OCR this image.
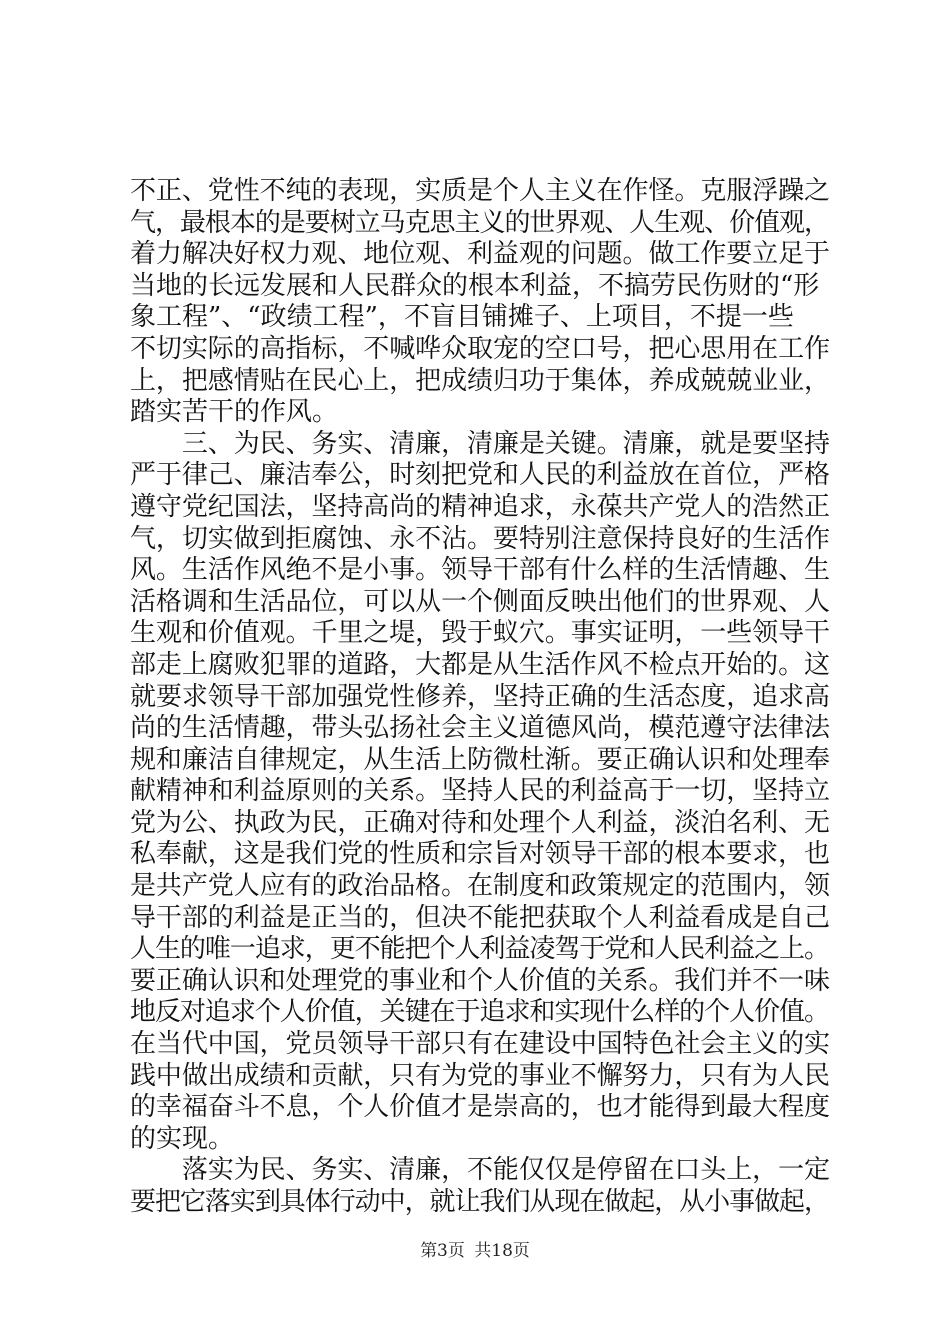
不正、党性不纯的表现，实质是个人主义在作怪。克服浮躁之
气，最根本的是要树立马克思主义的世界观、人生观、价值观，
着力解决好权力观、地位观、利益观的问题。做工作要立足于
当地的长远发展和人民群众的根本利益，不搞劳民伤财的“形
象工程”、“政绩工程”，不盲目铺摊子、上项目，不提一些
不切实际的高指标，不喊哗众取宠的空口号，把心思用在工作
上，把感情贴在民心上，把成绩归功于集体，养成兢兢业业，
踏实苦干的作风。
　　三、为民、务实、清廉，清廉是关键。清廉，就是要坚持
严于律己、廉洁奉公，时刻把党和人民的利益放在首位，严格
遵守党纪国法，坚持高尚的精神追求，永葆共产党人的浩然正
气，切实做到拒腐蚀、永不沾。要特别注意保持良好的生活作
风。生活作风绝不是小事。领导干部有什么样的生活情趣、生
活格调和生活品位，可以从一个侧面反映出他们的世界观、人
生观和价值观。千里之堤，毁于蚁穴。事实证明，一些领导干
部走上腐败犯罪的道路，大都是从生活作风不检点开始的。这
就要求领导干部加强党性修养，坚持正确的生活态度，追求高
尚的生活情趣，带头弘扬社会主义道德风尚，模范遵守法律法
规和廉洁自律规定，从生活上防微杜渐。要正确认识和处理奉
献精神和利益原则的关系。坚持人民的利益高于一切，坚持立
党为公、执政为民，正确对待和处理个人利益，淡泊名利、无
私奉献，这是我们党的性质和宗旨对领导干部的根本要求，也
是共产党人应有的政治品格。在制度和政策规定的范围内，领
导干部的利益是正当的，但决不能把获取个人利益看成是自己
人生的唯一追求，更不能把个人利益凌驾于党和人民利益之上。
要正确认识和处理党的事业和个人价值的关系。我们并不一味
地反对追求个人价值，关键在于追求和实现什么样的个人价值。
在当代中国，党员领导干部只有在建设中国特色社会主义的实
践中做出成绩和贡献，只有为党的事业不懈努力，只有为人民
的幸福奋斗不息，个人价值才是崇高的，也才能得到最大程度
的实现。
　　落实为民、务实、清廉，不能仅仅是停留在口头上，一定
要把它落实到具体行动中，就让我们从现在做起，从小事做起，
第3页 共18页
